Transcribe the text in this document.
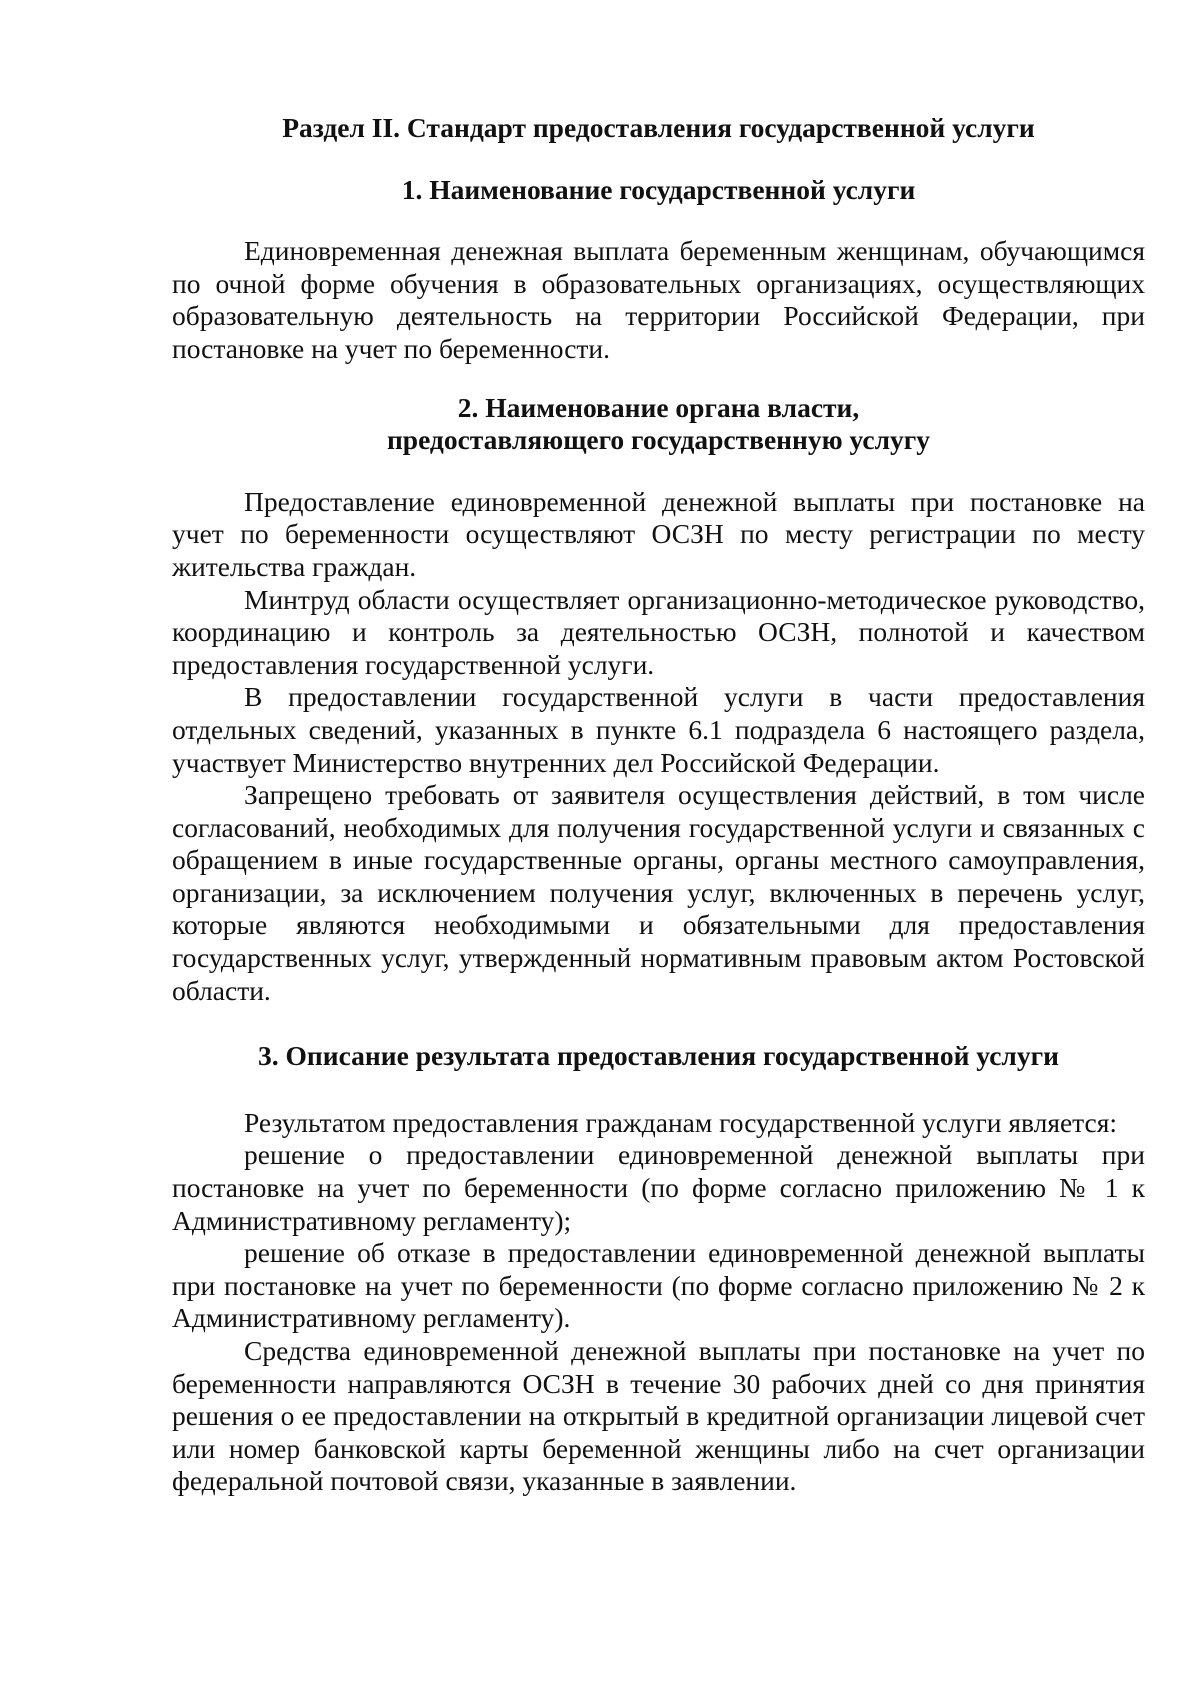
Раздел II. Стандарт предоставления государственной услуги
1. Наименование государственной услуги

Единовременная денежная выплата беременным женщинам, обучающимся по очной форме обучения в образовательных организациях, осуществляющих образовательную деятельность на территории Российской Федерации, при постановке на учет по беременности.

2. Наименование органа власти,
предоставляющего государственную услугу

Предоставление единовременной денежной выплаты при постановке на учет по беременности осуществляют ОСЗН по месту регистрации по месту жительства граждан.

Минтруд области осуществляет организационно-методическое руководство, координацию и контроль за деятельностью ОСЗН, полнотой и качеством предоставления государственной услуги.

В предоставлении государственной услуги в части предоставления отдельных сведений, указанных в пункте 6.1 подраздела 6 настоящего раздела, участвует Министерство внутренних дел Российской Федерации.

Запрещено требовать от заявителя осуществления действий, в том числе согласований, необходимых для получения государственной услуги и связанных с обращением в иные государственные органы, органы местного самоуправления, организации, за исключением получения услуг, включенных в перечень услуг, которые являются необходимыми и обязательными для предоставления государственных услуг, утвержденный нормативным правовым актом Ростовской области.

3. Описание результата предоставления государственной услуги

Результатом предоставления гражданам государственной услуги является:

решение о предоставлении единовременной денежной выплаты при постановке на учет по беременности (по форме согласно приложению № 1 к Административному регламенту);

решение об отказе в предоставлении единовременной денежной выплаты при постановке на учет по беременности (по форме согласно приложению № 2 к Административному регламенту).

Средства единовременной денежной выплаты при постановке на учет по беременности направляются ОСЗН в течение 30 рабочих дней со дня принятия решения о ее предоставлении на открытый в кредитной организации лицевой счет или номер банковской карты беременной женщины либо на счет организации федеральной почтовой связи, указанные в заявлении.
